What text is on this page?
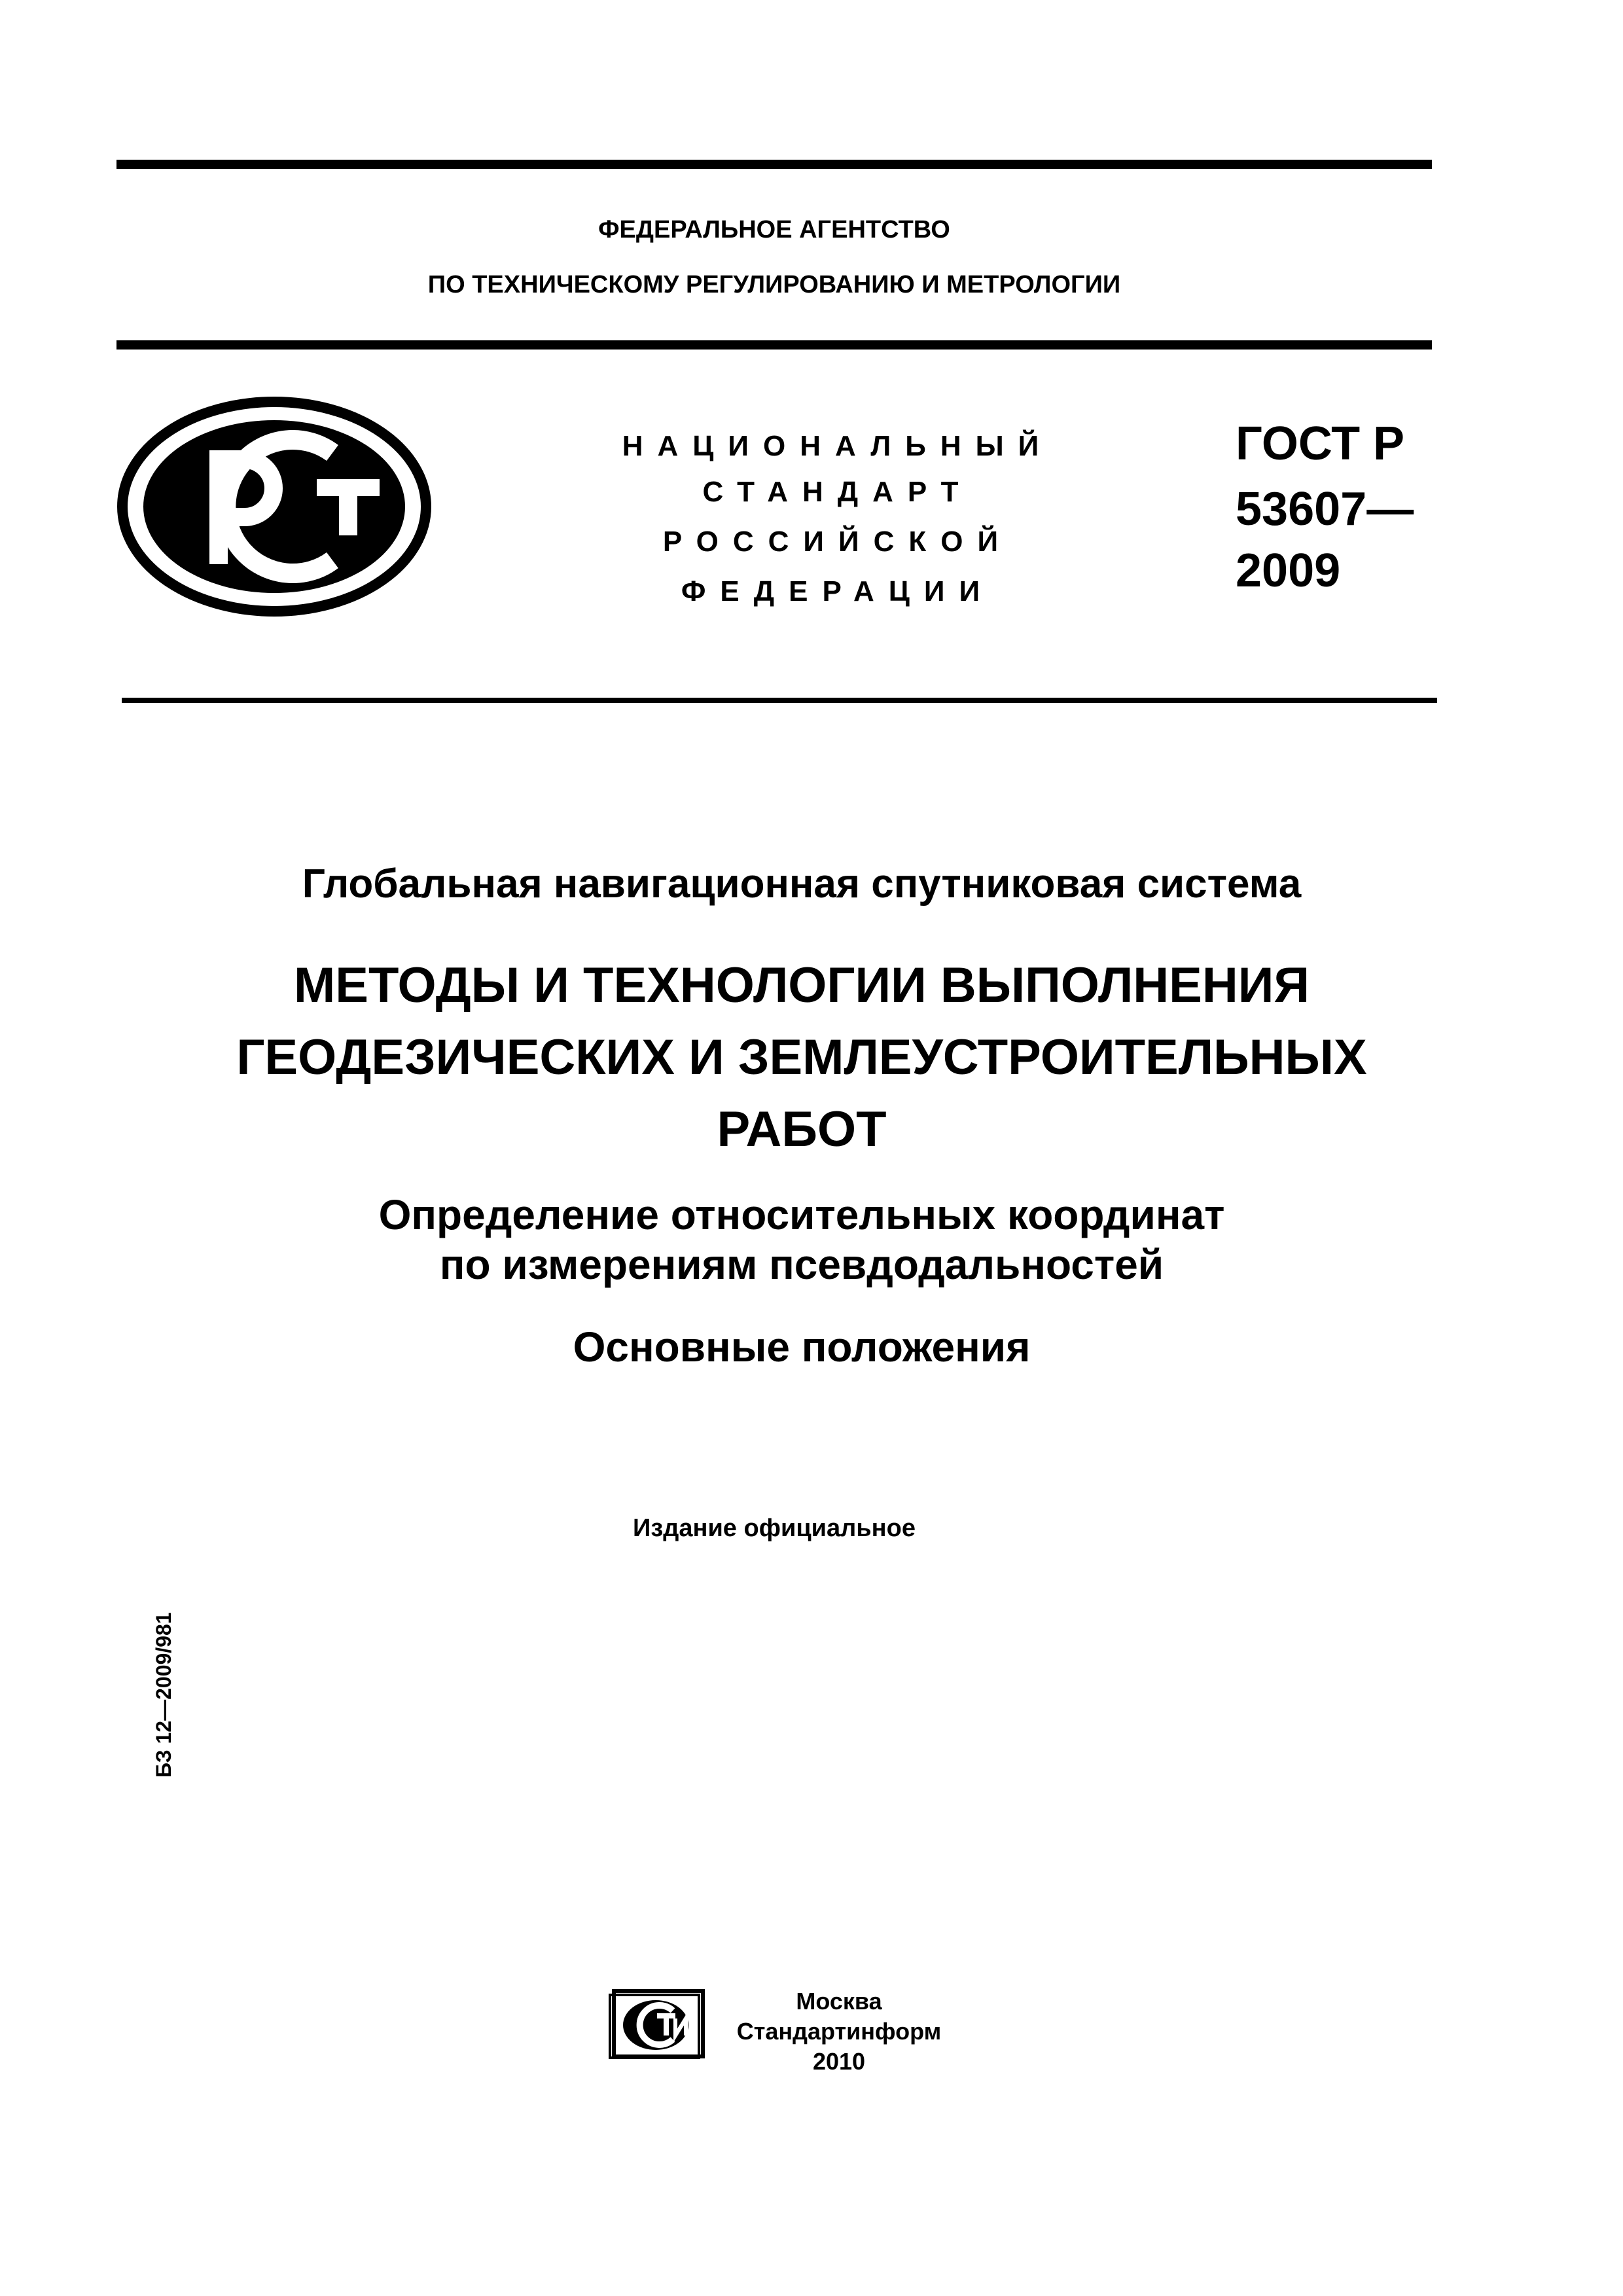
ФЕДЕРАЛЬНОЕ АГЕНТСТВО
ПО ТЕХНИЧЕСКОМУ РЕГУЛИРОВАНИЮ И МЕТРОЛОГИИ
НАЦИОНАЛЬНЫЙ
СТАНДАРТ
РОССИЙСКОЙ
ФЕДЕРАЦИИ
ГОСТ Р
53607—
2009
Глобальная навигационная спутниковая система
МЕТОДЫ И ТЕХНОЛОГИИ ВЫПОЛНЕНИЯ
ГЕОДЕЗИЧЕСКИХ И ЗЕМЛЕУСТРОИТЕЛЬНЫХ
РАБОТ
Определение относительных координат
по измерениям псевдодальностей
Основные положения
Издание официальное
БЗ 12—2009/981
Москва
Стандартинформ
2010
